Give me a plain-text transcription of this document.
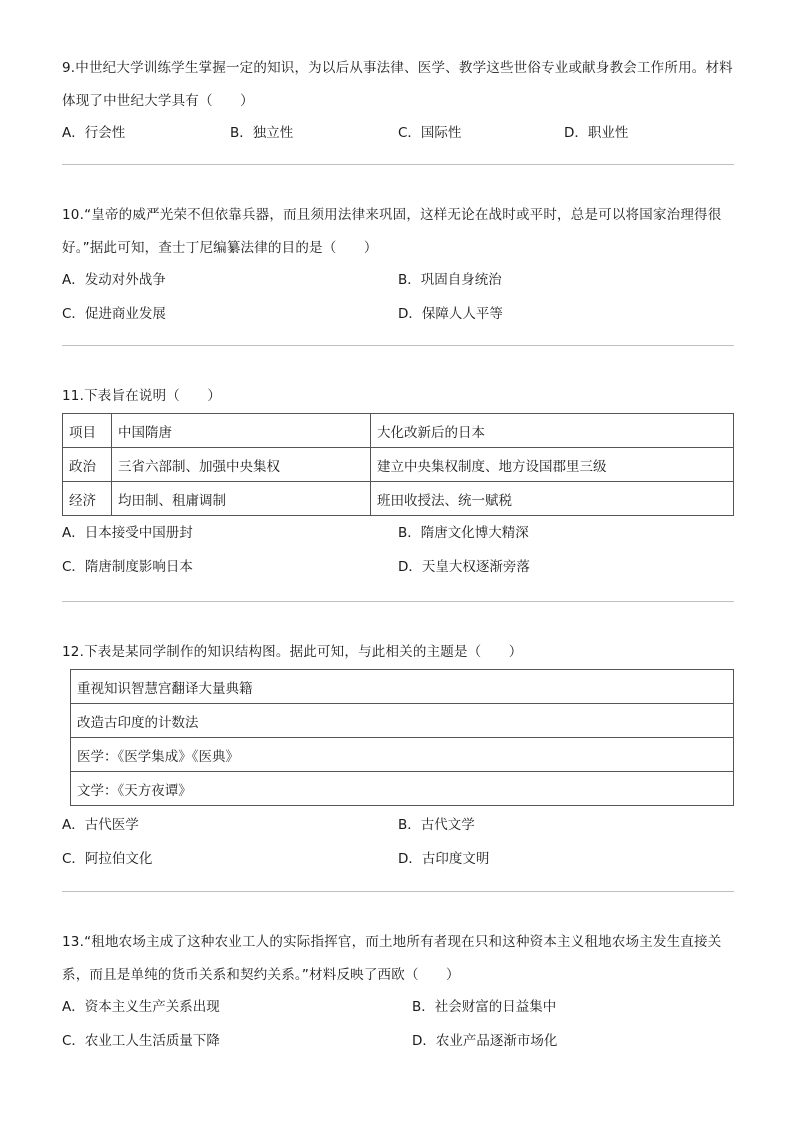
9.中世纪大学训练学生掌握一定的知识，为以后从事法律、医学、教学这些世俗专业或献身教会工作所用。材料体现了中世纪大学具有（　　）

A．行会性	B．独立性	C．国际性	D．职业性

10.“皇帝的威严光荣不但依靠兵器，而且须用法律来巩固，这样无论在战时或平时，总是可以将国家治理得很好。”据此可知，查士丁尼编纂法律的目的是（　　）

A．发动对外战争	B．巩固自身统治
C．促进商业发展	D．保障人人平等

11.下表旨在说明（　　）

项目	中国隋唐	大化改新后的日本
政治	三省六部制、加强中央集权	建立中央集权制度、地方设国郡里三级
经济	均田制、租庸调制	班田收授法、统一赋税
A．日本接受中国册封	B．隋唐文化博大精深
C．隋唐制度影响日本	D．天皇大权逐渐旁落

12.下表是某同学制作的知识结构图。据此可知，与此相关的主题是（　　）

重视知识智慧宫翻译大量典籍
改造古印度的计数法
医学：《医学集成》《医典》
文学：《天方夜谭》
A．古代医学	B．古代文学
C．阿拉伯文化	D．古印度文明

13.“租地农场主成了这种农业工人的实际指挥官，而土地所有者现在只和这种资本主义租地农场主发生直接关系，而且是单纯的货币关系和契约关系。”材料反映了西欧（　　）

A．资本主义生产关系出现	B．社会财富的日益集中
C．农业工人生活质量下降	D．农业产品逐渐市场化
